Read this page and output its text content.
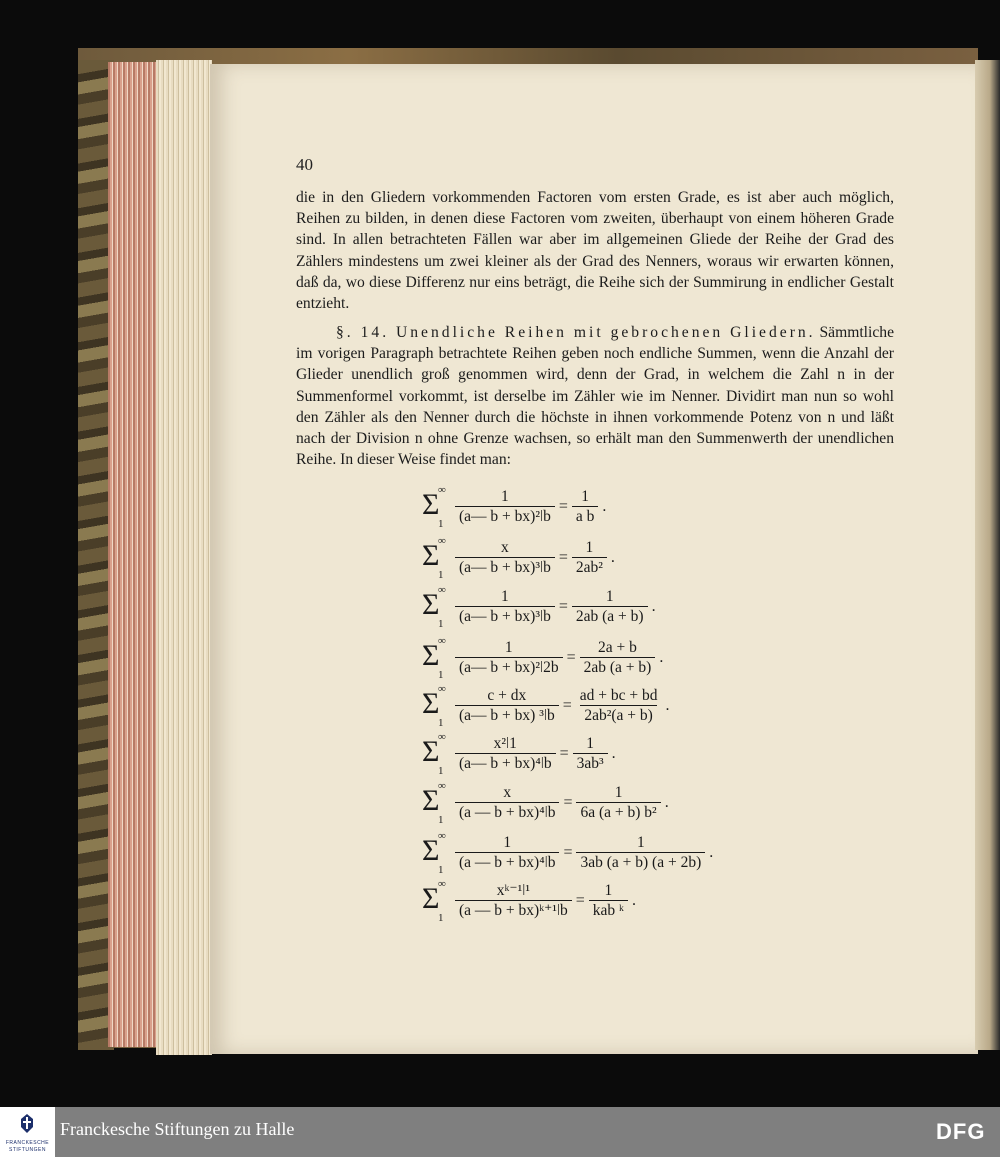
40
die in den Gliedern vorkommenden Factoren vom ersten Grade, es ist aber auch möglich, Reihen zu bilden, in denen diese Factoren vom zweiten, überhaupt von einem höheren Grade sind. In allen betrachteten Fällen war aber im allgemeinen Gliede der Reihe der Grad des Zählers mindestens um zwei kleiner als der Grad des Nenners, woraus wir erwarten können, daß da, wo diese Differenz nur eins beträgt, die Reihe sich der Summirung in endlicher Gestalt entzieht.
§. 14. Unendliche Reihen mit gebrochenen Gliedern. Sämmtliche im vorigen Paragraph betrachtete Reihen geben noch endliche Summen, wenn die Anzahl der Glieder unendlich groß genommen wird, denn der Grad, in welchem die Zahl n in der Summenformel vorkommt, ist derselbe im Zähler wie im Nenner. Dividirt man nun so wohl den Zähler als den Nenner durch die höchste in ihnen vorkommende Potenz von n und läßt nach der Division n ohne Grenze wachsen, so erhält man den Summenwerth der unendlichen Reihe. In dieser Weise findet man:
Σ
∞
$1 \frac{1}{\text{(a— b + bx)²ǀb}} = \frac{1}{\text{a b}}$ .
Σ
∞
$1 \frac{x}{\text{(a— b + bx)³ǀb}} = \frac{1}{\text{2ab²}}$ .
Σ
∞
$1 \frac{1}{\text{(a— b + bx)³ǀb}} = \frac{1}{2ab (a + b)}$ .
Σ
∞
$1 \frac{1}{\text{(a— b + bx)²ǀ2b}} = \frac{2a + b}{2ab (a + b)}$ .
Σ
∞
$1 \frac{c + dx}{\text{(a— b + bx) ³ǀb}} = \frac{ad + bc + bd}{\text{2ab²(a + b)}}$ .
Σ
∞
$1 \frac{\text{x²ǀ1}}{\text{(a— b + bx)⁴ǀb}} = \frac{1}{\text{3ab³}}$ .
Σ
∞
$1 \frac{x}{\text{(a — b + bx)⁴ǀb}} = \frac{1}{\text{6a (a + b) b²}}$ .
Σ
∞
$1 \frac{1}{\text{(a — b + bx)⁴ǀb}} = \frac{1}{3ab (a + b) (a + 2b)}$ .
Σ
∞
$1 \frac{\text{xᵏ⁻¹ǀ¹}}{\text{(a — b + bx)ᵏ⁺¹ǀb}} = \frac{1}{\text{kab ᵏ}}$ .
FRANCKESCHE
STIFTUNGEN
Franckesche Stiftungen zu Halle	DFG
